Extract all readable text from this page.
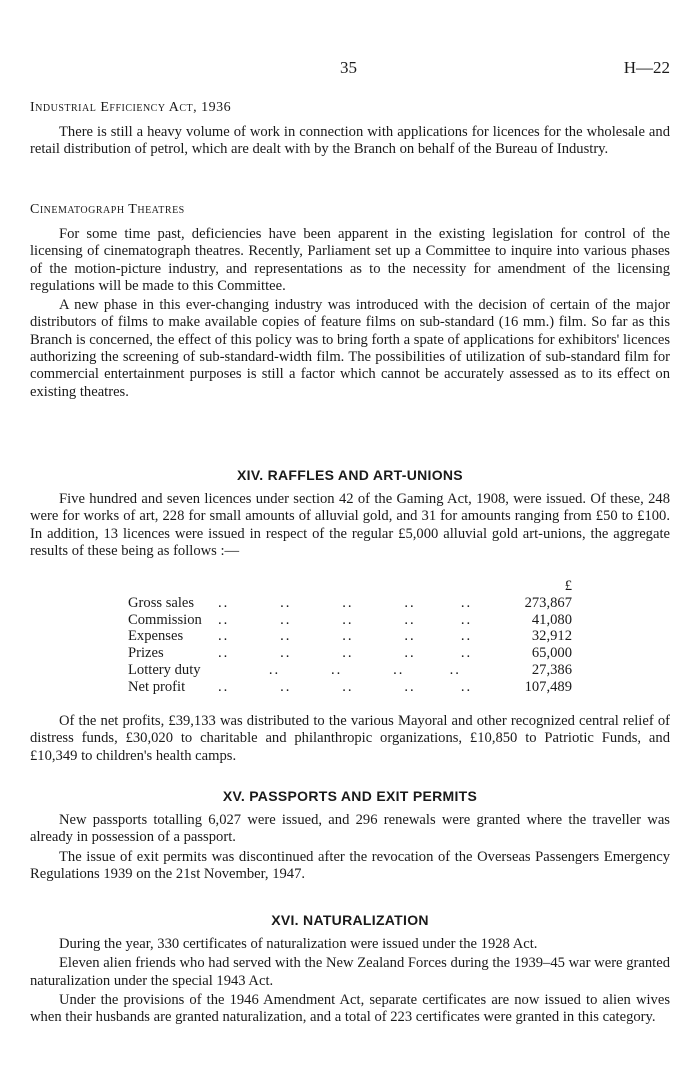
35	H—22
Industrial Efficiency Act, 1936

There is still a heavy volume of work in connection with applications for licences for the wholesale and retail distribution of petrol, which are dealt with by the Branch on behalf of the Bureau of Industry.

Cinematograph Theatres

For some time past, deficiencies have been apparent in the existing legislation for control of the licensing of cinematograph theatres. Recently, Parliament set up a Committee to inquire into various phases of the motion-picture industry, and representations as to the necessity for amendment of the licensing regulations will be made to this Committee.

A new phase in this ever-changing industry was introduced with the decision of certain of the major distributors of films to make available copies of feature films on sub-standard (16 mm.) film. So far as this Branch is concerned, the effect of this policy was to bring forth a spate of applications for exhibitors' licences authorizing the screening of sub-standard-width film. The possibilities of utilization of sub-standard film for commercial entertainment purposes is still a factor which cannot be accurately assessed as to its effect on existing theatres.

XIV. RAFFLES AND ART-UNIONS

Five hundred and seven licences under section 42 of the Gaming Act, 1908, were issued. Of these, 248 were for works of art, 228 for small amounts of alluvial gold, and 31 for amounts ranging from £50 to £100. In addition, 13 licences were issued in respect of the regular £5,000 alluvial gold art-unions, the aggregate results of these being as follows :—

£
Gross sales	..         ..         ..         ..        ..	273,867
Commission	..         ..         ..         ..        ..	41,080
Expenses	..         ..         ..         ..        ..	32,912
Prizes	..         ..         ..         ..        ..	65,000
Lottery duty	..         ..         ..        ..	27,386
Net profit	..         ..         ..         ..        ..	107,489

Of the net profits, £39,133 was distributed to the various Mayoral and other recognized central relief of distress funds, £30,020 to charitable and philanthropic organizations, £10,850 to Patriotic Funds, and £10,349 to children's health camps.

XV. PASSPORTS AND EXIT PERMITS

New passports totalling 6,027 were issued, and 296 renewals were granted where the traveller was already in possession of a passport.

The issue of exit permits was discontinued after the revocation of the Overseas Passengers Emergency Regulations 1939 on the 21st November, 1947.

XVI. NATURALIZATION

During the year, 330 certificates of naturalization were issued under the 1928 Act.

Eleven alien friends who had served with the New Zealand Forces during the 1939–45 war were granted naturalization under the special 1943 Act.

Under the provisions of the 1946 Amendment Act, separate certificates are now issued to alien wives when their husbands are granted naturalization, and a total of 223 certificates were granted in this category.
